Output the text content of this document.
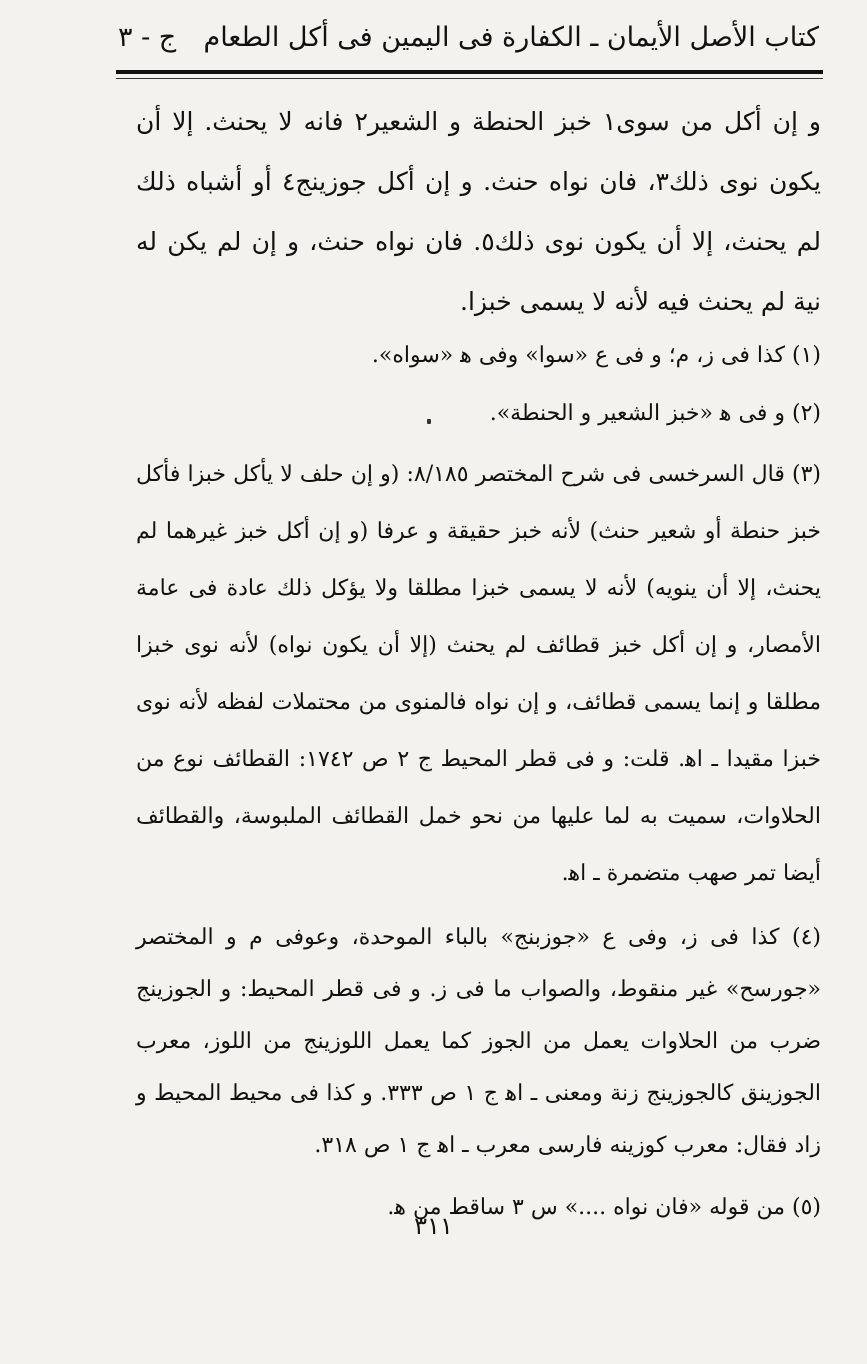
كتاب الأصل الأيمان ـ الكفارة فى اليمين فى أكل الطعام
ج - ٣

و إن أكل من سوى١ خبز الحنطة و الشعير٢ فانه لا يحنث. إلا أن يكون نوى ذلك٣، فان نواه حنث. و إن أكل جوزينج٤ أو أشباه ذلك لم يحنث، إلا أن يكون نوى ذلك٥. فان نواه حنث، و إن لم يكن له نية لم يحنث فيه لأنه لا يسمى خبزا.

(١) كذا فى ز، م؛ و فى ع «سوا» وفى ﻫ «سواه».

(٢) و فى ﻫ «خبز الشعير و الحنطة».

(٣) قال السرخسى فى شرح المختصر ٨/١٨٥: (و إن حلف لا يأكل خبزا فأكل خبز حنطة أو شعير حنث) لأنه خبز حقيقة و عرفا (و إن أكل خبز غيرهما لم يحنث، إلا أن ينويه) لأنه لا يسمى خبزا مطلقا ولا يؤكل ذلك عادة فى عامة الأمصار، و إن أكل خبز قطائف لم يحنث (إلا أن يكون نواه) لأنه نوى خبزا مطلقا و إنما يسمى قطائف، و إن نواه فالمنوى من محتملات لفظه لأنه نوى خبزا مقيدا ـ اﻫ. قلت: و فى قطر المحيط ج ٢ ص ١٧٤٢: القطائف نوع من الحلاوات، سميت به لما عليها من نحو خمل القطائف الملبوسة، والقطائف أيضا تمر صهب متضمرة ـ اﻫ.

(٤) كذا فى ز، وفى ع «جوزبنج» بالباء الموحدة، وعوفى م و المختصر «جورسح» غير منقوط، والصواب ما فى ز. و فى قطر المحيط: و الجوزينج ضرب من الحلاوات يعمل من الجوز كما يعمل اللوزينج من اللوز، معرب الجوزينق كالجوزينج زنة ومعنى ـ اﻫ ج ١ ص ٣٣٣. و كذا فى محيط المحيط و زاد فقال: معرب كوزينه فارسى معرب ـ اﻫ ج ١ ص ٣١٨.

(٥) من قوله «فان نواه ....» س ٣ ساقط من ﻫ.

٣١١
